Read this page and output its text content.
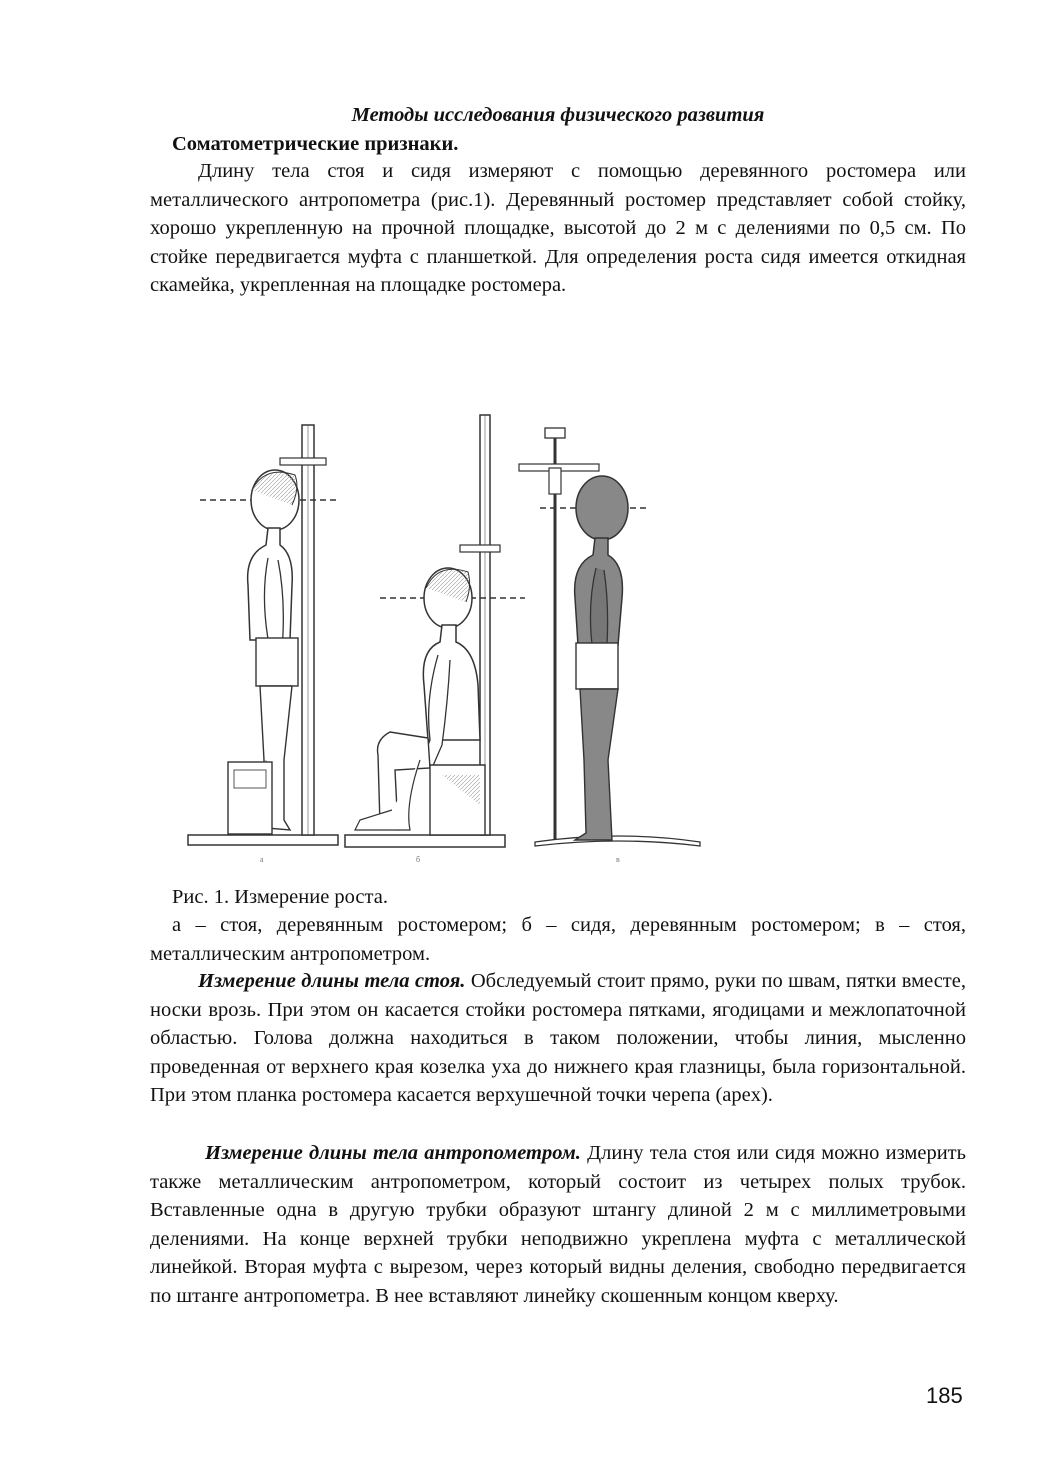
Методы исследования физического развития
Соматометрические признаки.
Длину тела стоя и сидя измеряют с помощью деревянного ростомера или металлического антропометра (рис.1). Деревянный ростомер представляет собой стойку, хорошо укрепленную на прочной площадке, высотой до 2 м с делениями по 0,5 см. По стойке передвигается муфта с планшеткой. Для определения роста сидя имеется откидная скамейка, укрепленная на площадке ростомера.
а	б	в
Рис. 1. Измерение роста.
а – стоя, деревянным ростомером; б – сидя, деревянным ростомером; в – стоя, металлическим антропометром.
Измерение длины тела стоя. Обследуемый стоит прямо, руки по швам, пятки вместе, носки врозь. При этом он касается стойки ростомера пятками, ягодицами и межлопаточной областью. Голова должна находиться в таком положении, чтобы линия, мысленно проведенная от верхнего края козелка уха до нижнего края глазницы, была горизонтальной. При этом планка ростомера касается верхушечной точки черепа (apex).
Измерение длины тела антропометром. Длину тела стоя или сидя можно измерить также металлическим антропометром, который состоит из четырех полых трубок. Вставленные одна в другую трубки образуют штангу длиной 2 м с миллиметровыми делениями. На конце верхней трубки неподвижно укреплена муфта с металлической линейкой. Вторая муфта с вырезом, через который видны деления, свободно передвигается по штанге антропометра. В нее вставляют линейку скошенным концом кверху.
185
